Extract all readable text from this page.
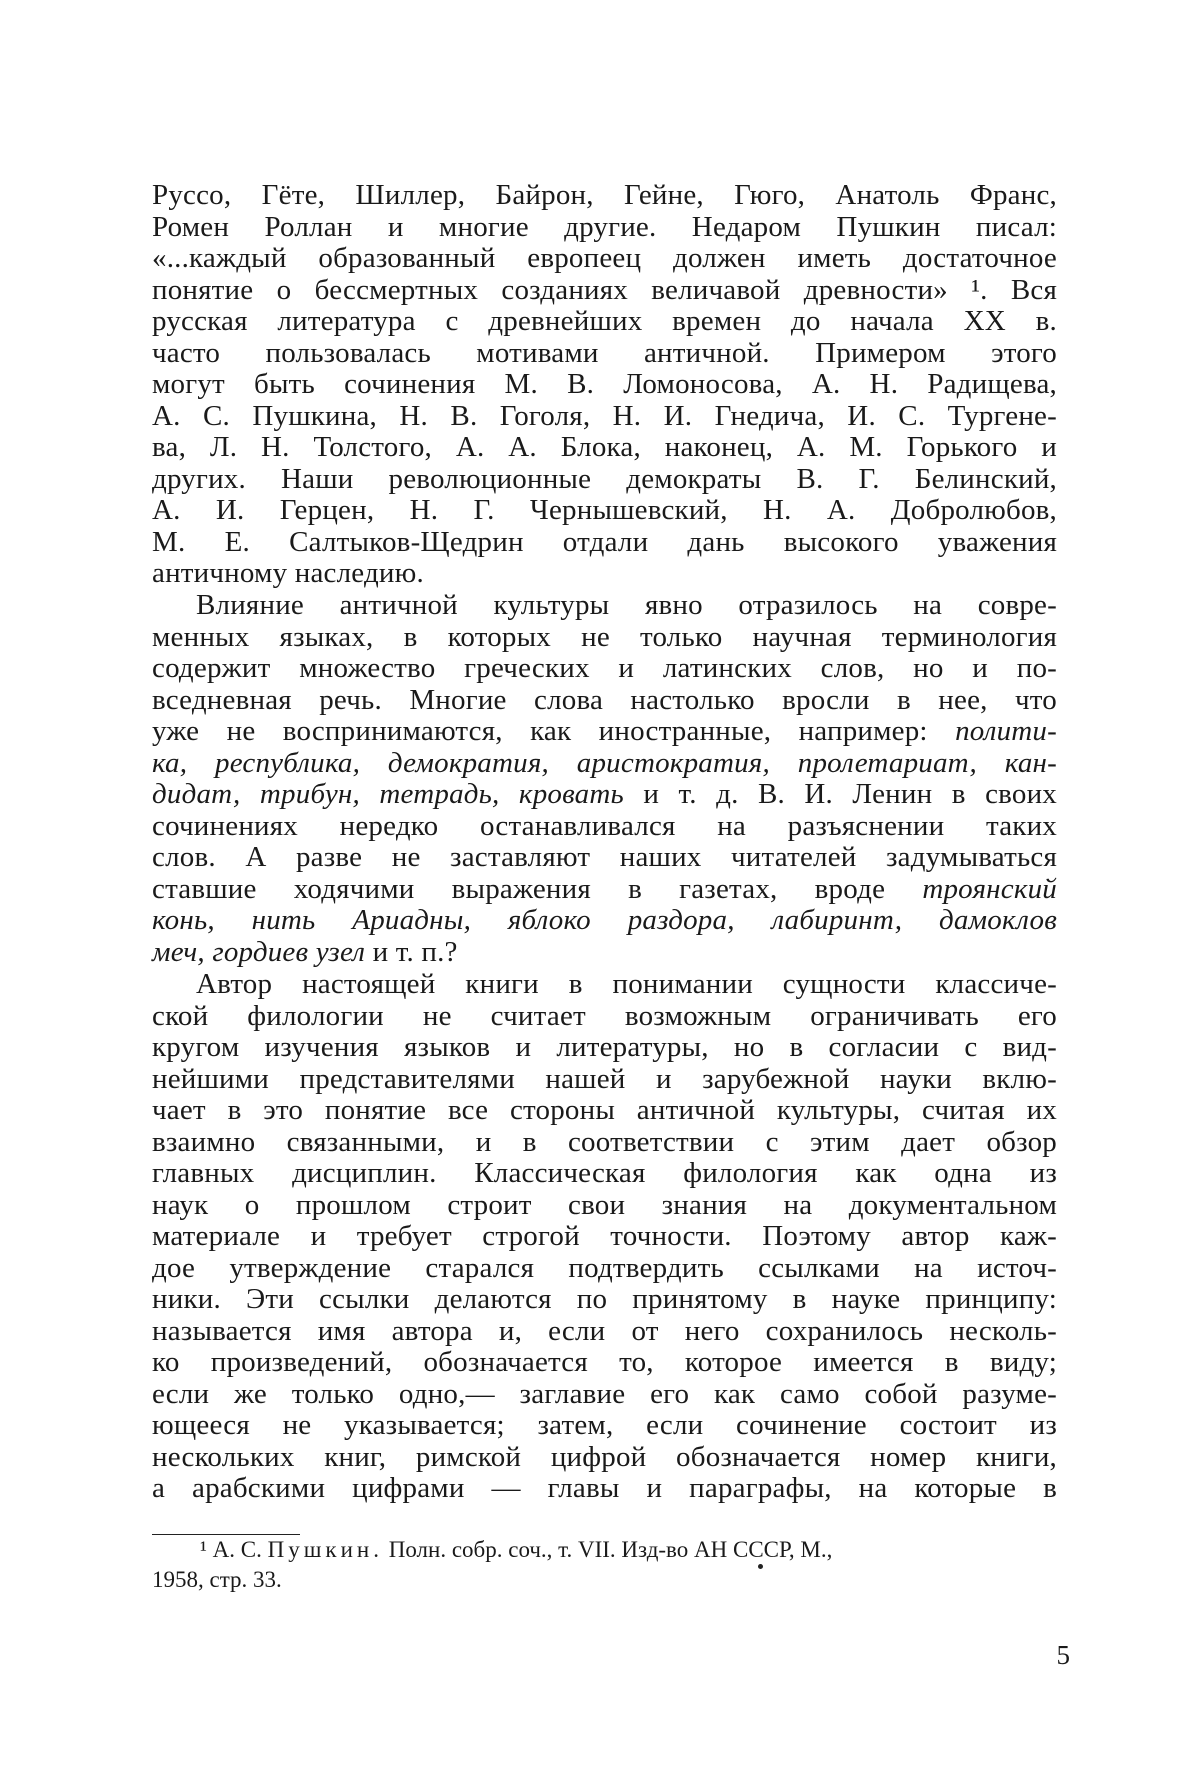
Руссо, Гёте, Шиллер, Байрон, Гейне, Гюго, Анатоль Франс,
Ромен Роллан и многие другие. Недаром Пушкин писал:
«...каждый образованный европеец должен иметь достаточное
понятие о бессмертных созданиях величавой древности» ¹. Вся
русская литература с древнейших времен до начала XX в.
часто пользовалась мотивами античной. Примером этого
могут быть сочинения М. В. Ломоносова, А. Н. Радищева,
А. С. Пушкина, Н. В. Гоголя, Н. И. Гнедича, И. С. Тургене-
ва, Л. Н. Толстого, А. А. Блока, наконец, А. М. Горького и
других. Наши революционные демократы В. Г. Белинский,
А. И. Герцен, Н. Г. Чернышевский, Н. А. Добролюбов,
М. Е. Салтыков-Щедрин отдали дань высокого уважения
античному наследию.
Влияние античной культуры явно отразилось на совре-
менных языках, в которых не только научная терминология
содержит множество греческих и латинских слов, но и по-
вседневная речь. Многие слова настолько вросли в нее, что
уже не воспринимаются, как иностранные, например: полити-
ка, республика, демократия, аристократия, пролетариат, кан-
дидат, трибун, тетрадь, кровать и т. д. В. И. Ленин в своих
сочинениях нередко останавливался на разъяснении таких
слов. А разве не заставляют наших читателей задумываться
ставшие ходячими выражения в газетах, вроде троянский
конь, нить Ариадны, яблоко раздора, лабиринт, дамоклов
меч, гордиев узел и т. п.?
Автор настоящей книги в понимании сущности классиче-
ской филологии не считает возможным ограничивать его
кругом изучения языков и литературы, но в согласии с вид-
нейшими представителями нашей и зарубежной науки вклю-
чает в это понятие все стороны античной культуры, считая их
взаимно связанными, и в соответствии с этим дает обзор
главных дисциплин. Классическая филология как одна из
наук о прошлом строит свои знания на документальном
материале и требует строгой точности. Поэтому автор каж-
дое утверждение старался подтвердить ссылками на источ-
ники. Эти ссылки делаются по принятому в науке принципу:
называется имя автора и, если от него сохранилось несколь-
ко произведений, обозначается то, которое имеется в виду;
если же только одно,— заглавие его как само собой разуме-
ющееся не указывается; затем, если сочинение состоит из
нескольких книг, римской цифрой обозначается номер книги,
а арабскими цифрами — главы и параграфы, на которые в
¹ А. С. Пушкин. Полн. собр. соч., т. VII. Изд-во АН СССР, М.,
1958, стр. 33.
5
